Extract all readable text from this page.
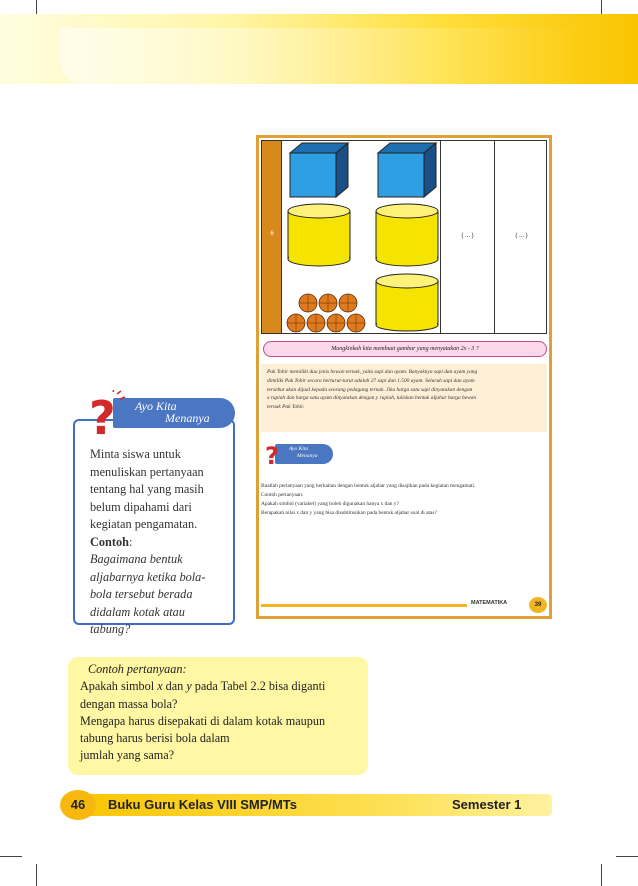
6	( ... )	( ... )
Mungkinkah kita membuat gambar yang menyatakan 2x - 3 ?
Pak Tohir memiliki dua jenis hewan ternak, yaitu sapi dan ayam. Banyaknya sapi dan ayam yang
dimiliki Pak Tohir secara berturut-turut adalah 27 sapi dan 1.500 ayam. Seluruh sapi dan ayam
tersebut akan dijual kepada seorang pedagang ternak. Jika harga satu sapi dinyatakan dengan
x rupiah dan harga satu ayam dinyatakan dengan y rupiah, tuliskan bentuk aljabar harga hewan
ternak Pak Tohir.
Ayo Kita
Menanya
?
Buatlah pertanyaan yang berkaitan dengan bentuk aljabar yang disajikan pada kegiatan mengamati.
Contoh pertanyaan:
Apakah simbol (variabel) yang boleh digunakan hanya x dan y?
Berapakah nilai x dan y yang bisa disubtitusikan pada bentuk aljabar soal di atas?
MATEMATIKA	39
Ayo Kita
Menanya
?
Minta siswa untuk
menuliskan pertanyaan
tentang hal yang masih
belum dipahami dari
kegiatan pengamatan.
Contoh:
Bagaimana bentuk
aljabarnya ketika bola-
bola tersebut berada
didalam kotak atau
tabung?
Contoh pertanyaan:
Apakah simbol x dan y pada Tabel 2.2 bisa diganti
dengan massa bola?
Mengapa harus disepakati di dalam kotak maupun
tabung harus berisi bola dalam
jumlah yang sama?
46	Buku Guru Kelas VIII SMP/MTs	Semester 1
